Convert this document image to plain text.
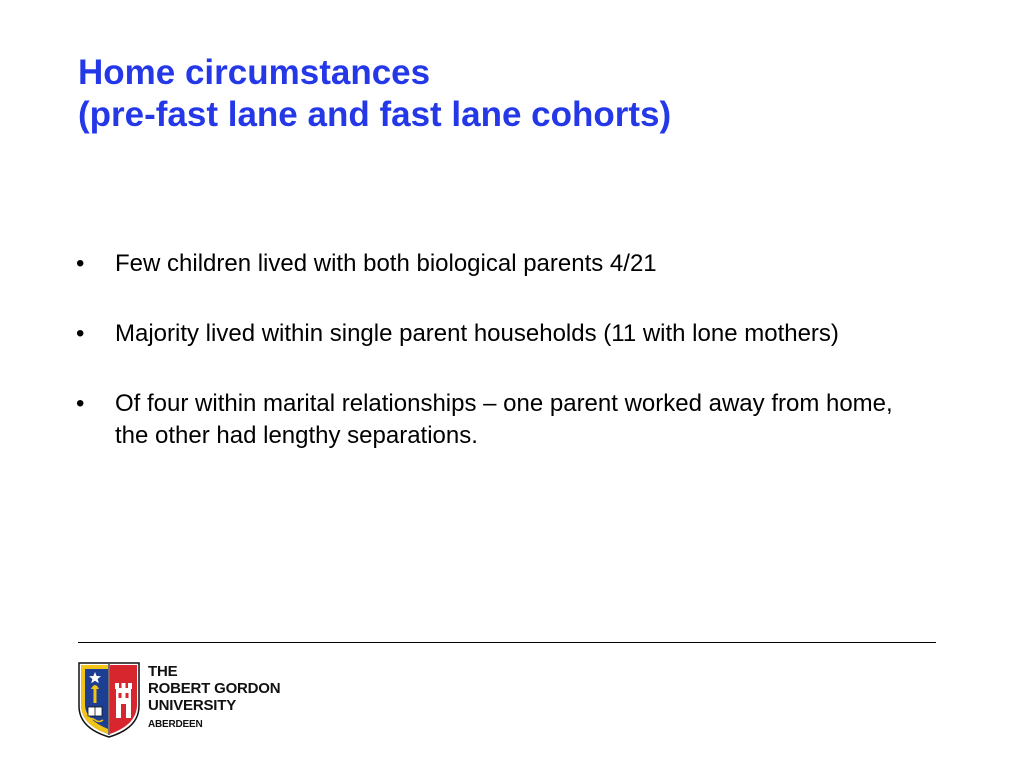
Home circumstances
(pre-fast lane and fast lane cohorts)
• Few children lived with both biological parents 4/21
• Majority lived within single parent households (11 with lone mothers)
• Of four within marital relationships – one parent worked away from home, the other had lengthy separations.
THE
ROBERT GORDON
UNIVERSITY
ABERDEEN
